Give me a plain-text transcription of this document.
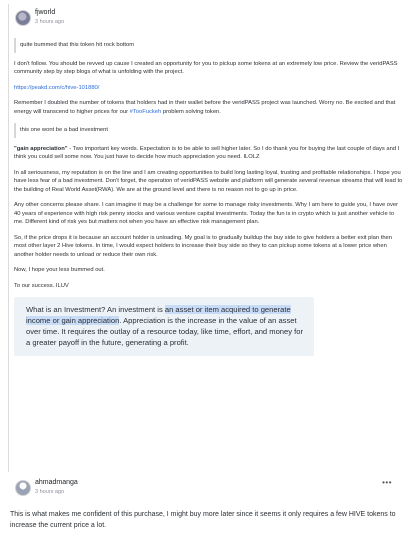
fjworld
3 hours ago
quite bummed that this token hit rock bottom

I don't follow. You should be revved up cause I created an opportunity for you to pickup some tokens at an extremely low price. Review the veridPASS community step by step blogs of what is unfolding with the project.

https://peakd.com/c/hive-101880/

Remember I doubled the number of tokens that holders had in their wallet before the veridPASS project was launched. Worry no. Be excited and that energy will transcend to higher prices for our #TooFuckeh problem solving token.

this one wont be a bad investment

"gain appreciation" - Two important key words. Expectation is to be able to sell higher later. So I do thank you for buying the last couple of days and I think you could sell some now. You just have to decide how much appreciation you need. ILOLZ

In all seriousness, my reputation is on the line and I am creating opportunities to build long lasting loyal, trusting and profitable relationships. I hope you have less fear of a bad investment. Don't forget, the operation of veridPASS website and platform will generate several revenue streams that will lead to the building of Real World Asset(RWA). We are at the ground level and there is no reason not to go up in price.

Any other concerns please share. I can imagine it may be a challenge for some to manage risky investments. Why I am here to guide you, I have over 40 years of experience with high risk penny stocks and various venture capital investments. Today the fun is in crypto which is just another vehicle to me. Different kind of risk yes but matters not when you have an effective risk management plan.

So, if the price drops it is because an account holder is unloading. My goal is to gradually buildup the buy side to give holders a better exit plan then most other layer 2 Hive tokens. In time, I would expect holders to increase their buy side so they to can pickup some tokens at a lower price when another holder needs to unload or reduce their own risk.

Now, I hope your less bummed out.

To our success. ILUV

What is an Investment? An investment is an asset or item acquired to generate income or gain appreciation. Appreciation is the increase in the value of an asset over time. It requires the outlay of a resource today, like time, effort, and money for a greater payoff in the future, generating a profit.
ahmadmanga
3 hours ago
•••
This is what makes me confident of this purchase, I might buy more later since it seems it only requires a few HIVE tokens to increase the current price a lot.
